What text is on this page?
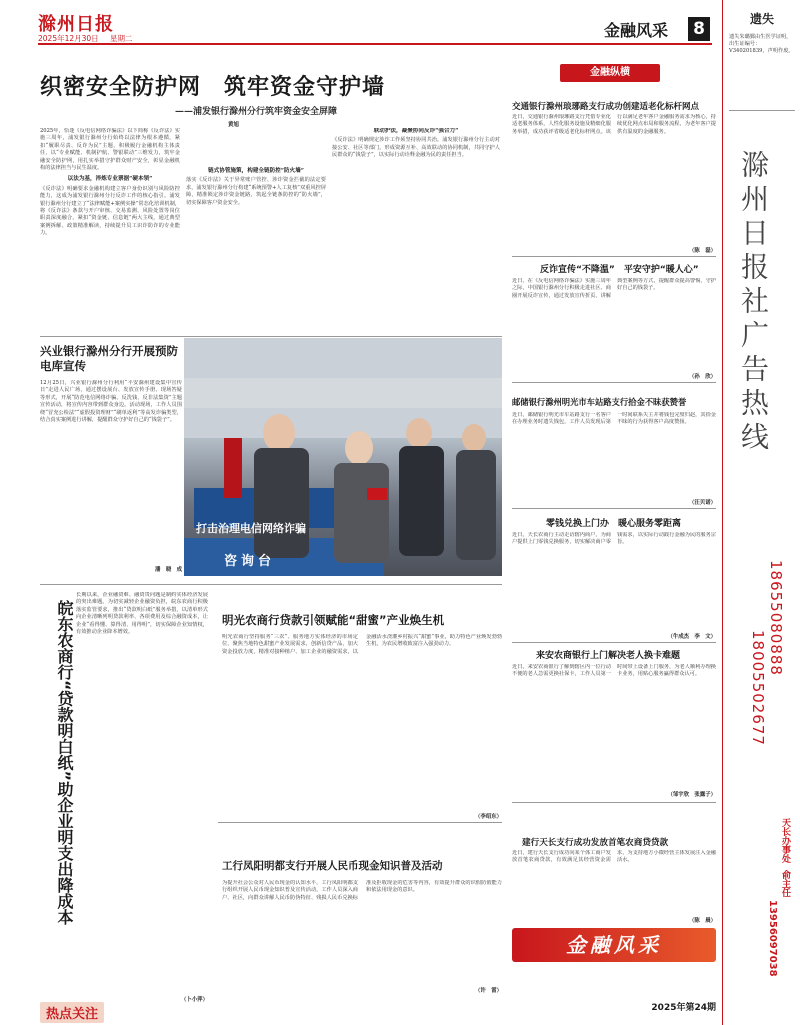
滁州日报
2025年12月30日 星期二	金融风采 8	遗失
遗失朱璐鄞由生医学证明，出生证编号：V340201839，声明作废。
滁州日报社广告热线
18655080888
18005502677
天长办事处 俞主任
13956097038
织密安全防护网　筑牢资金守护墙
——浦发银行滁州分行筑牢资金安全屏障
黄旭

2025年，恰逢《反电信网络诈骗法》以下简称《反诈法》实施三周年，浦发银行滁州分行始终以法律为根本遵循，紧扣“履职尽责、反诈为民”主题，积极履行金融机构主体责任，以“专业赋能、机制护航、警银联动”三维发力，筑牢金融安全防护网，用扎实举措守护群众财产安全，彰显金融机构的法律担当与民生温度。

以法为基，淬炼专业票据“硬本领”

《反诈法》明确要求金融机构建立客户身份识别与风险防控能力，这成为浦发银行滁州分行反诈工作的核心指引。浦发银行滁州分行建立了“法律赋能+案例实操”常态化培训机制，将《反诈法》条款与开户审核、交易监测、风险处置等岗位职责深度融合，紧扣“资金链、信息链”两大主线，通过典型案例拆解、政策精准解读，持续提升员工识诈防诈的专业能力。

链式协管施策，构建全链防控“防火墙”

落实《反诈法》关于异常账户管控、涉诈资金拦截的法定要求，浦发银行滁州分行构建“系统预警+人工复核”双重风控屏障，精准锁定涉诈资金链路，筑起全链条防控的“防火墙”，切实保障客户资金安全。

联动护法，凝聚协同反诈“强合力”

《反诈法》明确规定涉诈工作须坚持协同共治。浦发银行滁州分行主动对接公安、社区等部门，形成资源互补、高效联动的协同机制，共同守护人民群众的“钱袋子”，以实际行动诠释金融为民的责任担当。

兴业银行滁州分行开展预防电库宣传
12月25日，兴业银行滁州分行利用“平安滁州建设集中宣传日”走进人民广场，通过摆设展台、发放宣传手册、现场答疑等形式，开展“防范电信网络诈骗、反洗钱、反非法集资”主题宣传活动，将宣传内容带到群众身边。活动现场，工作人员围绕“冒充公检法”“虚假投资理财”“刷单返利”等高发诈骗类型，结合真实案例进行讲解，提醒群众守护好自己的“钱袋子”。
潘　晓　成
打击治理电信网络诈骗
咨询台
皖东农商行“贷款明白纸”助企业明支出降成本
长期以来，企业融资难、融资贵问题是制约实体经济发展的突出难题。为切实减轻企业融资负担，皖东农商行积极落实监管要求，推出“贷款明白纸”服务举措，以清单形式向企业清晰列明贷款利率、各项费用及综合融资成本，让企业“看得懂、算得清、用得明”，切实保障企业知情权，有效推动企业降本增效。
（卜小萍）
明光农商行贷款引领赋能“甜蜜”产业焕生机
明光农商行坚持服务“三农”、服务地方实体经济的市场定位，聚焦当地特色甜蜜产业发展需求，创新信贷产品，加大资金投放力度，精准对接种植户、加工企业的融资需求，以金融活水浇灌乡村振兴“甜蜜”事业，助力特色产业焕发勃勃生机，为农民增收致富注入强劲动力。
（李绍东）
工行凤阳明都支行开展人民币现金知识普及活动
为提升社会公众对人民币现金的认知水平，工行凤阳明都支行组织开展人民币现金知识普及宣传活动，工作人员深入商户、社区，向群众讲解人民币防伪特征、残损人民币兑换标准及拒收现金的危害等内容，有效提升群众的识假防假能力和依法用现金的意识。
（许　雷）
金融纵横
交通银行滁州琅琊路支行成功创建适老化标杆网点
近日，交通银行滁州琅琊路支行凭借专业化适老服务体系，人性化服务设施及精细化服务举措，成功获评省级适老化标杆网点。该行以满足老年客户金融服务需求为核心，持续优化网点布局和服务流程，为老年客户提供有温度的金融服务。
（陈　磊）
反诈宣传“不降温”　平安守护“暖人心”
近日，在《反电信网络诈骗法》实施三周年之际，中国银行滁州分行积极走进社区、商圈开展反诈宣传，通过发放宣传折页、讲解典型案例等方式，提醒群众提高警惕，守护好自己的钱袋子。
（孙　欣）
邮储银行滁州明光市车站路支行拾金不昧获赞誉
近日，邮储银行明光市车站路支行一名客户在办理业务时遗失钱包，工作人员发现后第一时间联系失主并将钱包完璧归赵，其拾金不昧的行为获得客户高度赞扬。
（汪贝诺）
零钱兑换上门办　暖心服务零距离
近日，天长农商行主动走访辖内商户，为商户提供上门零钱兑换服务，切实解决商户零钱需求，以实际行动践行金融为民的服务宗旨。
（牛成杰　李　文）
来安农商银行上门解决老人换卡难题
近日，来安农商银行了解到辖区内一位行动不便的老人急需更换社保卡，工作人员第一时间带上设备上门服务，为老人顺利办理换卡业务，用贴心服务赢得群众认可。
（邹宇欣　张露子）
建行天长支行成功发放首笔农商贷贷款
近日，建行天长支行成功向某个体工商户发放首笔农商贷款，有效满足其经营资金需求，为支持地方小微经营主体发展注入金融活水。
（陈　晨）
热点关注
金融风采
2025年第24期
